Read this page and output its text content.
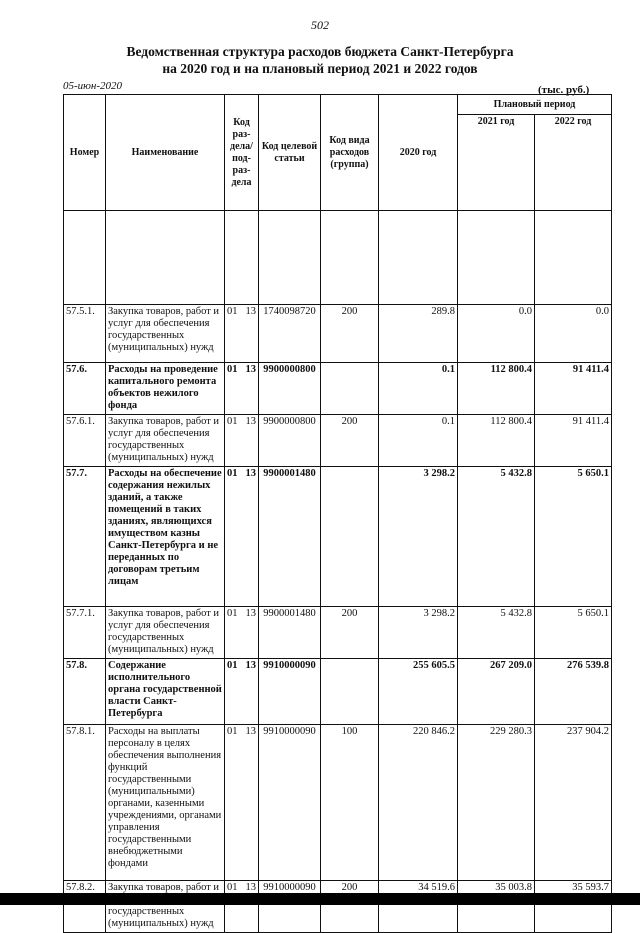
502
Ведомственная структура расходов бюджета Санкт-Петербурга
на 2020 год и на плановый период 2021 и 2022 годов
05-июн-2020	(тыс. руб.)
Номер	Наименование	Код раз-дела/ под-раз-дела	Код целевой статьи	Код вида расходов (группа)	2020 год	Плановый период	
						2021 год	2022 год

57.5.1.	Закупка товаров, работ и услуг для обеспечения государственных (муниципальных) нужд	01 13	1740098720	200	289.8	0.0	0.0
57.6.	Расходы на проведение капитального ремонта объектов нежилого фонда	01 13	9900000800		0.1	112 800.4	91 411.4
57.6.1.	Закупка товаров, работ и услуг для обеспечения государственных (муниципальных) нужд	01 13	9900000800	200	0.1	112 800.4	91 411.4
57.7.	Расходы на обеспечение содержания нежилых зданий, а также помещений в таких зданиях, являющихся имуществом казны Санкт-Петербурга и не переданных по договорам третьим лицам	01 13	9900001480		3 298.2	5 432.8	5 650.1
57.7.1.	Закупка товаров, работ и услуг для обеспечения государственных (муниципальных) нужд	01 13	9900001480	200	3 298.2	5 432.8	5 650.1
57.8.	Содержание исполнительного органа государственной власти Санкт-Петербурга	01 13	9910000090		255 605.5	267 209.0	276 539.8
57.8.1.	Расходы на выплаты персоналу в целях обеспечения выполнения функций государственными (муниципальными) органами, казенными учреждениями, органами управления государственными внебюджетными фондами	01 13	9910000090	100	220 846.2	229 280.3	237 904.2
57.8.2.	Закупка товаров, работ и государственных (муниципальных) нужд	01 13	9910000090	200	34 519.6	35 003.8	35 593.7
